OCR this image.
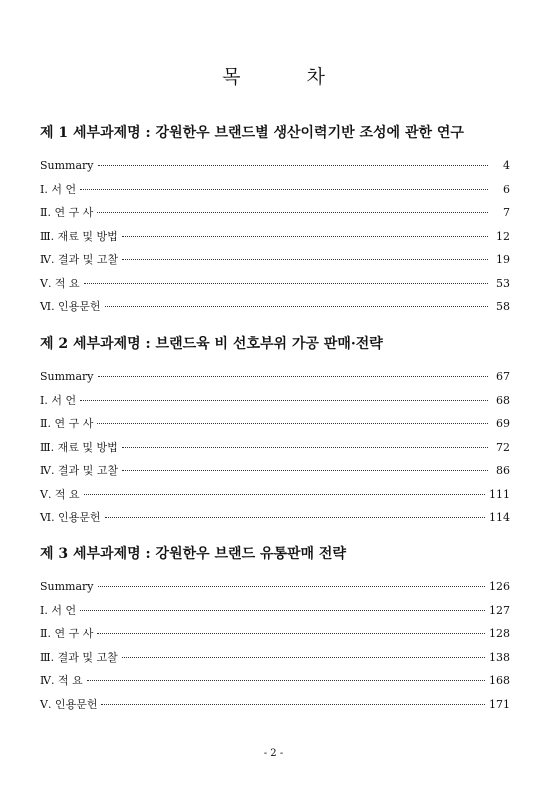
목 차
제 1 세부과제명 : 강원한우 브랜드별 생산이력기반 조성에 관한 연구
Summary	4
Ⅰ. 서 언	6
Ⅱ. 연 구 사	7
Ⅲ. 재료 및 방법	12
Ⅳ. 결과 및 고찰	19
Ⅴ. 적 요	53
Ⅵ. 인용문헌	58
제 2 세부과제명 : 브랜드육 비 선호부위 가공 판매·전략
Summary	67
Ⅰ. 서 언	68
Ⅱ. 연 구 사	69
Ⅲ. 재료 및 방법	72
Ⅳ. 결과 및 고찰	86
Ⅴ. 적 요	111
Ⅵ. 인용문헌	114
제 3 세부과제명 : 강원한우 브랜드 유통판매 전략
Summary	126
Ⅰ. 서 언	127
Ⅱ. 연 구 사	128
Ⅲ. 결과 및 고찰	138
Ⅳ. 적 요	168
Ⅴ. 인용문헌	171
- 2 -
